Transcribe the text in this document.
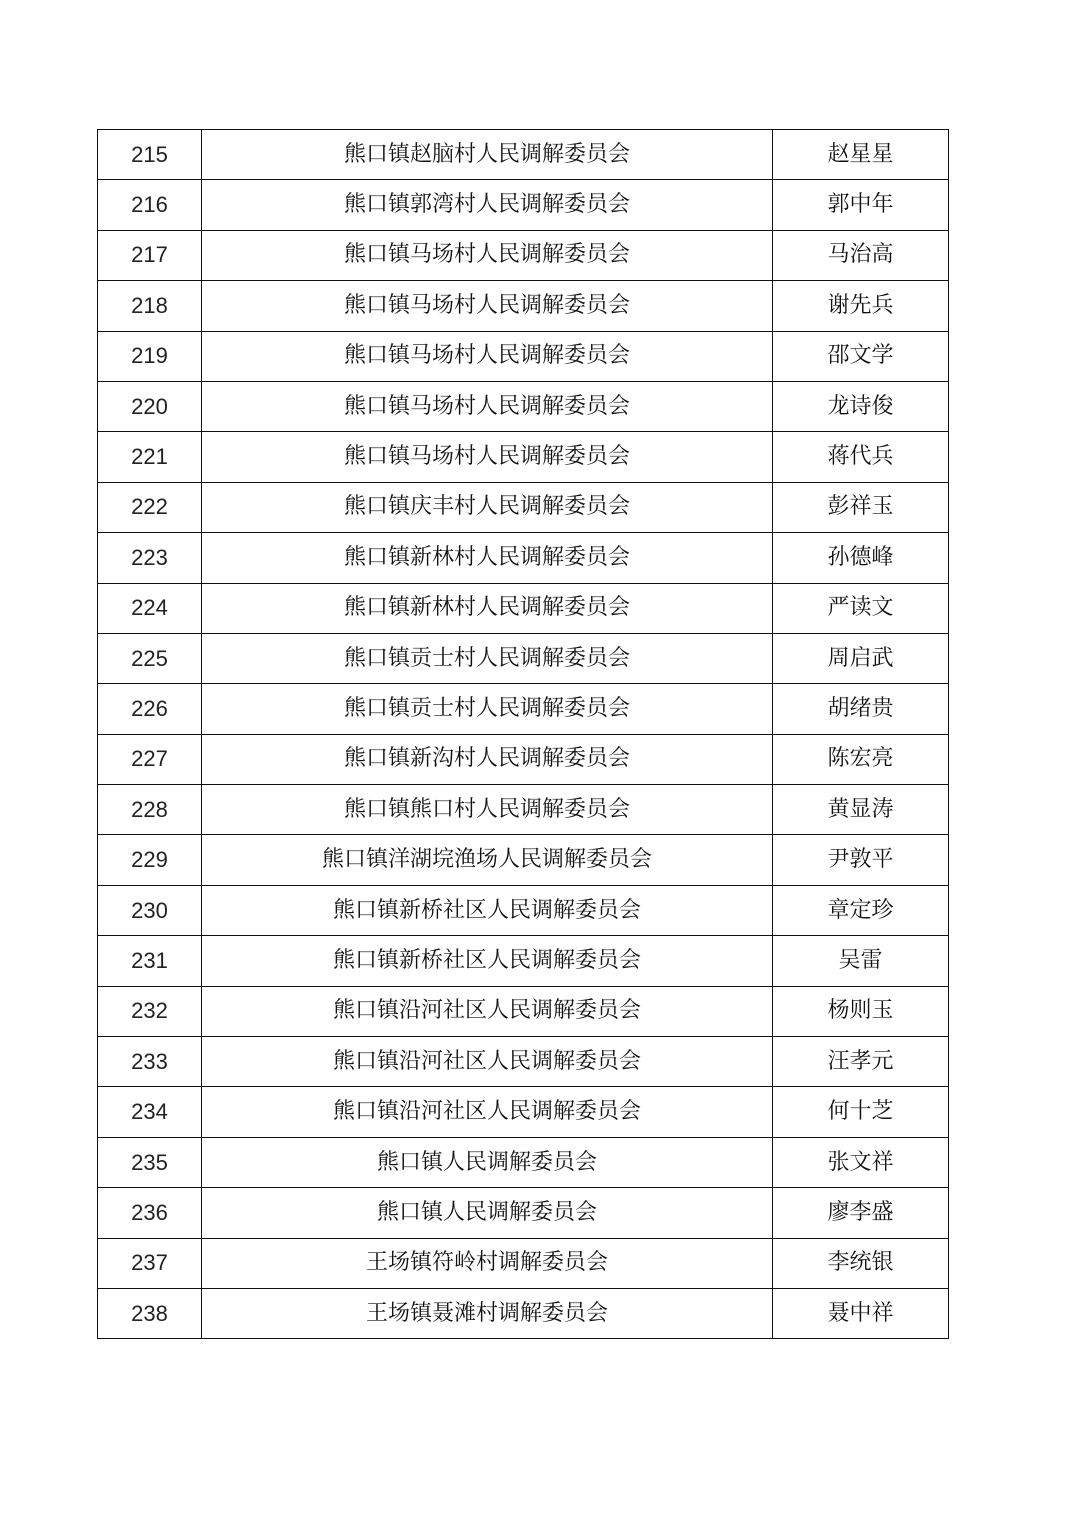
215	熊口镇赵脑村人民调解委员会	赵星星
216	熊口镇郭湾村人民调解委员会	郭中年
217	熊口镇马场村人民调解委员会	马治高
218	熊口镇马场村人民调解委员会	谢先兵
219	熊口镇马场村人民调解委员会	邵文学
220	熊口镇马场村人民调解委员会	龙诗俊
221	熊口镇马场村人民调解委员会	蒋代兵
222	熊口镇庆丰村人民调解委员会	彭祥玉
223	熊口镇新林村人民调解委员会	孙德峰
224	熊口镇新林村人民调解委员会	严读文
225	熊口镇贡士村人民调解委员会	周启武
226	熊口镇贡士村人民调解委员会	胡绪贵
227	熊口镇新沟村人民调解委员会	陈宏亮
228	熊口镇熊口村人民调解委员会	黄显涛
229	熊口镇洋湖垸渔场人民调解委员会	尹敦平
230	熊口镇新桥社区人民调解委员会	章定珍
231	熊口镇新桥社区人民调解委员会	吴雷
232	熊口镇沿河社区人民调解委员会	杨则玉
233	熊口镇沿河社区人民调解委员会	汪孝元
234	熊口镇沿河社区人民调解委员会	何十芝
235	熊口镇人民调解委员会	张文祥
236	熊口镇人民调解委员会	廖李盛
237	王场镇符岭村调解委员会	李统银
238	王场镇聂滩村调解委员会	聂中祥
